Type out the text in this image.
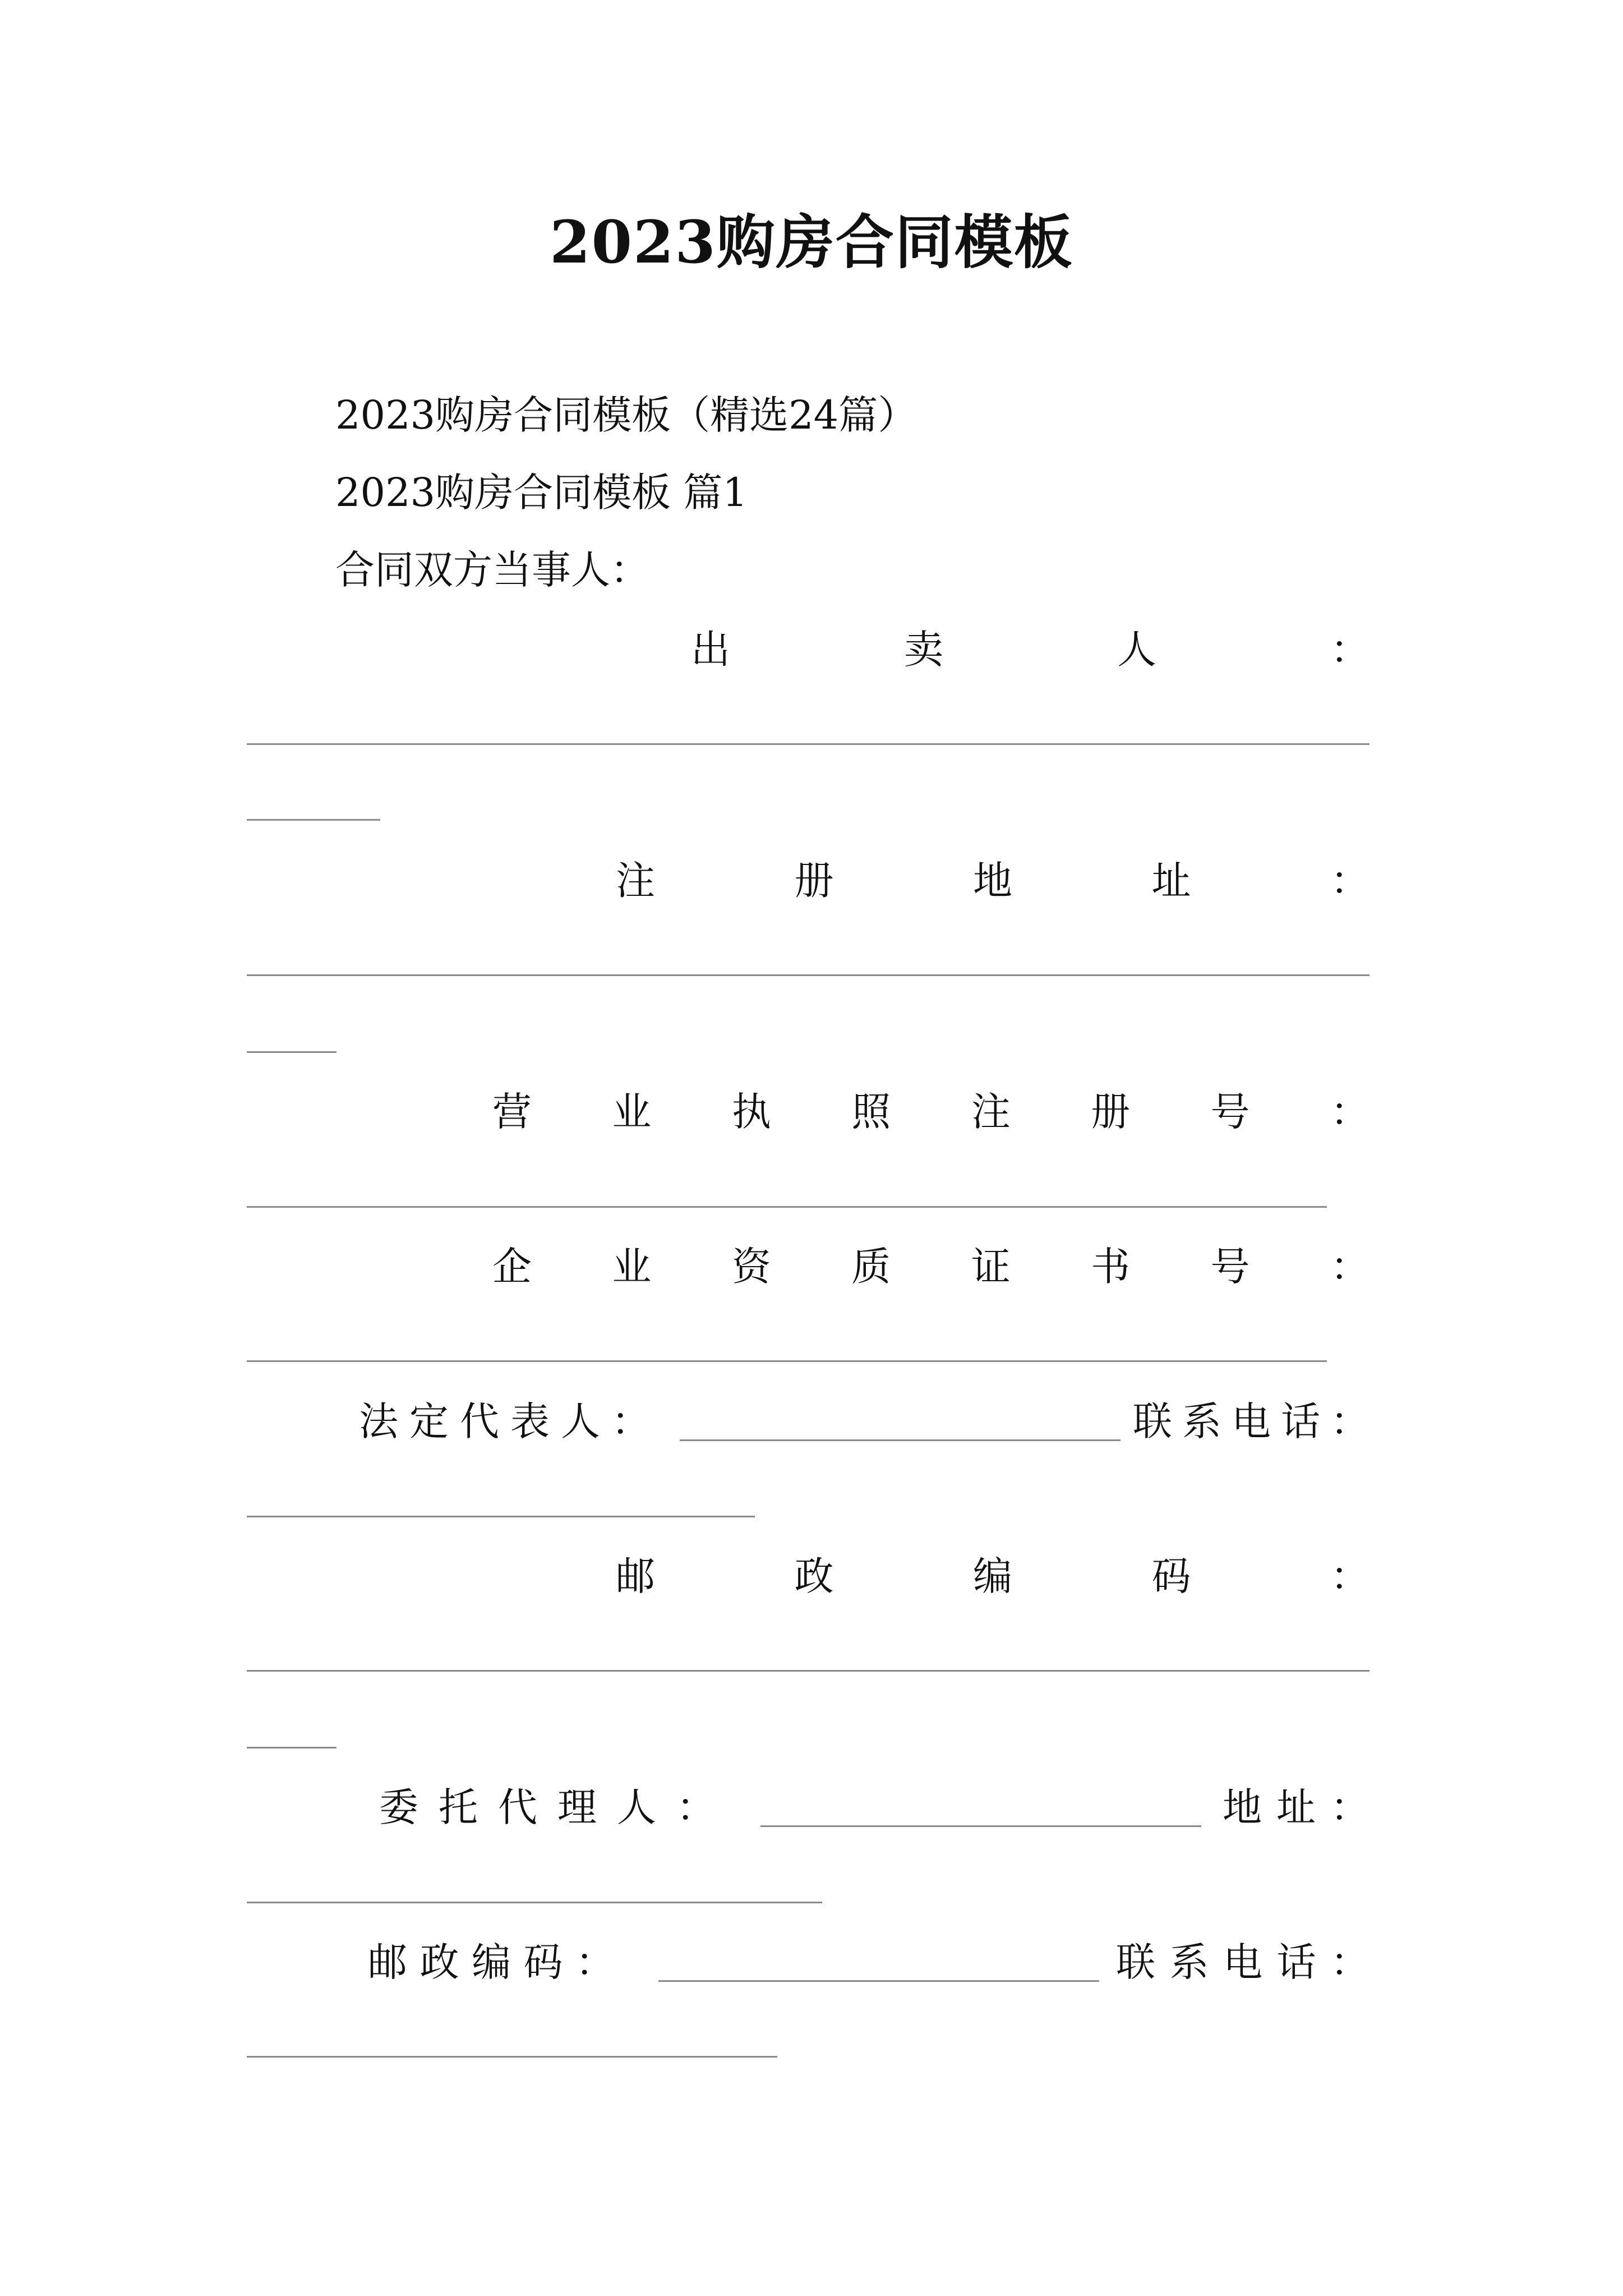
2023购房合同模板
2023购房合同模板（精选24篇）
2023购房合同模板 篇1
合同双方当事人：
出	卖	人	：
注	册	地	址	：
营 业 执 照 注 册 号 ：
企 业 资 质 证 书 号 ：
法 定 代 表 人 ：	联 系 电 话 ：
邮	政	编	码	：
委 托 代 理 人 ：	地 址 ：
邮 政 编 码 ：	联 系 电 话 ：
